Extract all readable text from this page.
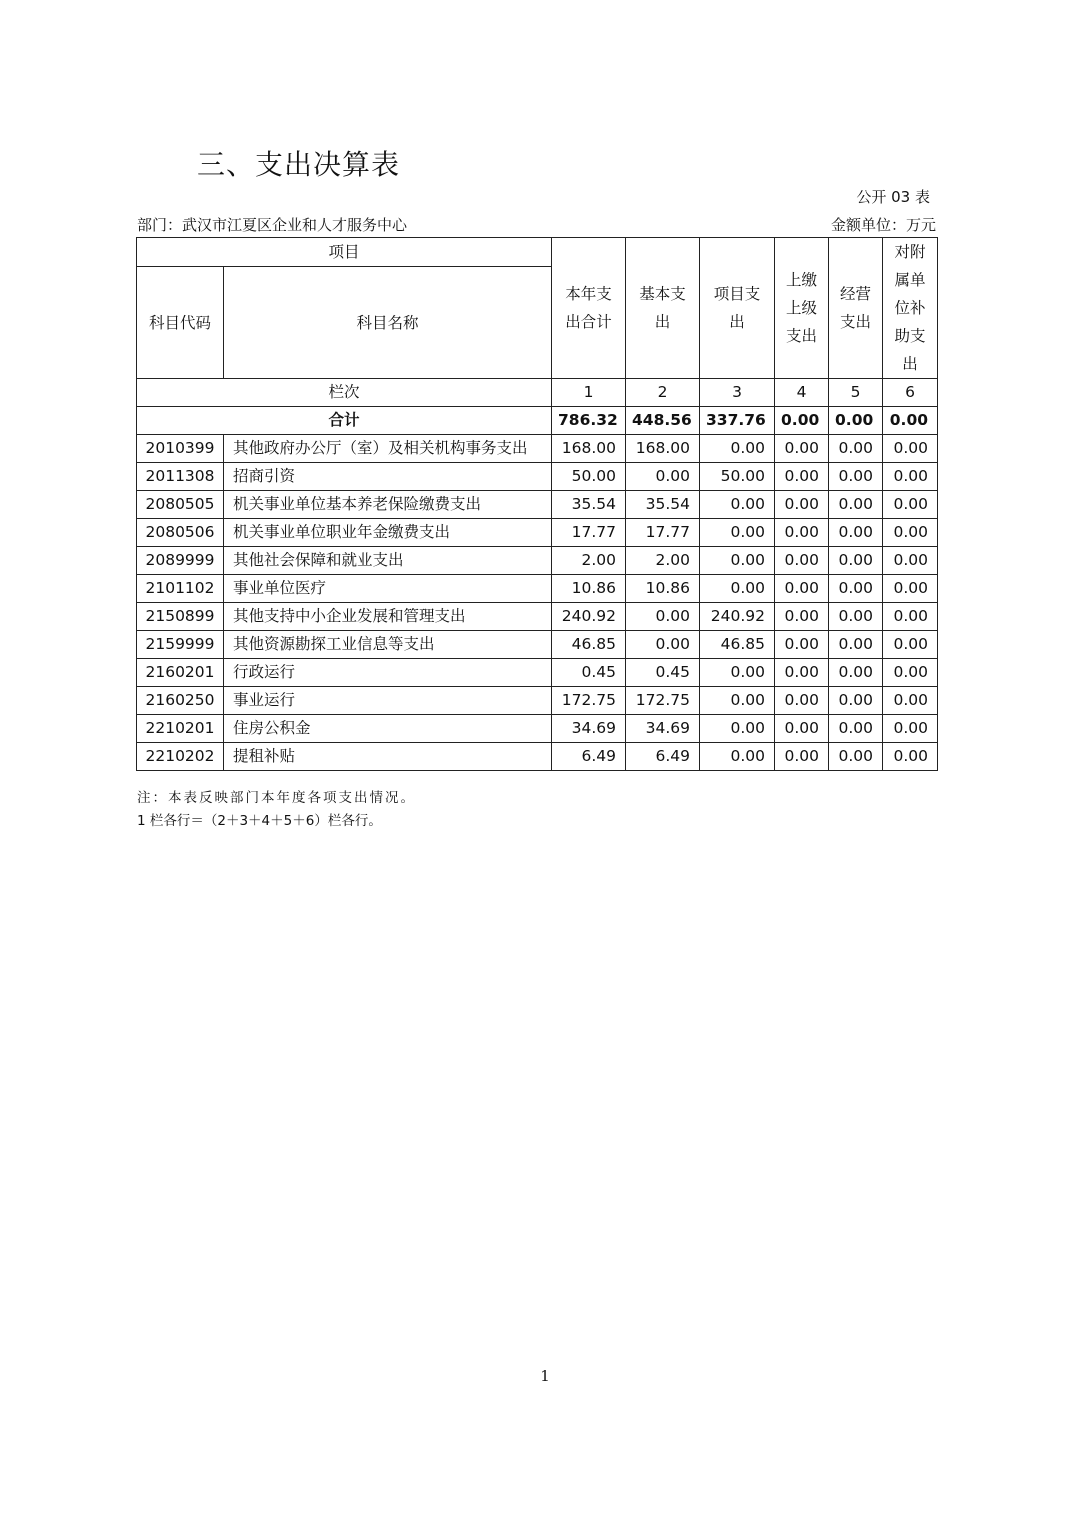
三、支出决算表
公开 03 表
部门：武汉市江夏区企业和人才服务中心	金额单位：万元
项目		本年支出合计	基本支出	项目支出	上缴上级支出	经营支出	对附属单位补助支出

科目代码	科目名称						
栏次		1	2	3	4	5	6
合计		786.32	448.56	337.76	0.00	0.00	0.00
2010399	其他政府办公厅（室）及相关机构事务支出	168.00	168.00	0.00	0.00	0.00	0.00
2011308	招商引资	50.00	0.00	50.00	0.00	0.00	0.00
2080505	机关事业单位基本养老保险缴费支出	35.54	35.54	0.00	0.00	0.00	0.00
2080506	机关事业单位职业年金缴费支出	17.77	17.77	0.00	0.00	0.00	0.00
2089999	其他社会保障和就业支出	2.00	2.00	0.00	0.00	0.00	0.00
2101102	事业单位医疗	10.86	10.86	0.00	0.00	0.00	0.00
2150899	其他支持中小企业发展和管理支出	240.92	0.00	240.92	0.00	0.00	0.00
2159999	其他资源勘探工业信息等支出	46.85	0.00	46.85	0.00	0.00	0.00
2160201	行政运行	0.45	0.45	0.00	0.00	0.00	0.00
2160250	事业运行	172.75	172.75	0.00	0.00	0.00	0.00
2210201	住房公积金	34.69	34.69	0.00	0.00	0.00	0.00
2210202	提租补贴	6.49	6.49	0.00	0.00	0.00	0.00
注：本表反映部门本年度各项支出情况。
1 栏各行＝（2＋3＋4＋5＋6）栏各行。
1
